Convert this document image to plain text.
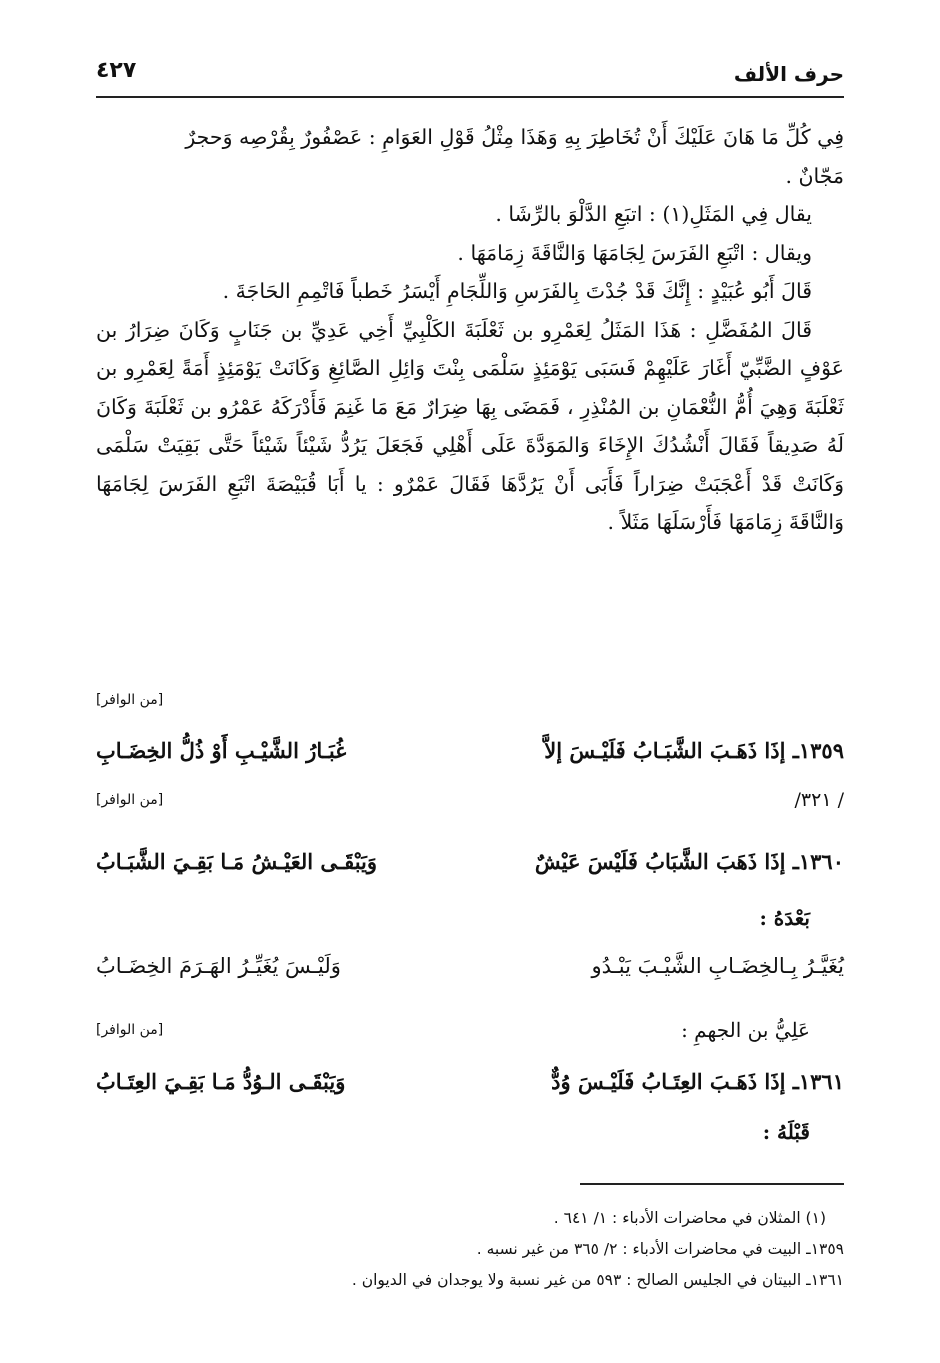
حرف الألف
٤٢٧

فِي كُلِّ مَا هَانَ عَلَيْكَ أَنْ تُخَاطِرَ بِهِ وَهَذَا مِثْلُ قَوْلِ العَوَامِ : عَصْفُورٌ بِقُرْصِه وَحجرٌ

مَجّانٌ .

يقال فِي المَثَلِ(١) : اتبَعِ الدَّلْوَ بالرِّشَا .

ويقال : اتْبَعِ الفَرَسَ لِجَامَهَا وَالنَّاقَةَ زِمَامَهَا .

قَالَ أَبُو عُبَيْدٍ : إِنَّكَ قَدْ جُدْتَ بِالفَرَسِ وَاللِّجَامِ أَيْسَرُ خَطباً فَاتْمِمِ الحَاجَةَ .

قَالَ المُفَضَّلِ : هَذَا المَثَلُ لِعَمْرِو بن ثَعْلَبَةَ الكَلْبِيِّ أَخِي عَدِيِّ بن جَنَابٍ وَكَانَ ضِرَارُ بن عَوْفٍ الضَّبِّيّ أَغَارَ عَلَيْهِمْ فَسَبَى يَوْمَئِذٍ سَلْمَى بِنْتَ وَائِلِ الصَّائِغِ وَكَانَتْ يَوْمَئِذٍ أَمَةً لِعَمْرِو بن ثَعْلَبَةَ وَهِيَ أُمُّ النُّعْمَانِ بن المُنْذِرِ ، فَمَضَى بِهَا ضِرَارٌ مَعَ مَا غَنِمَ فَأَدْرَكَهُ عَمْرُو بن ثَعْلَبَةَ وَكَانَ لَهُ صَدِيقاً فَقَالَ أَنْشُدُكَ الإِخَاءَ وَالمَوَدَّةَ عَلَى أَهْلِي فَجَعَلَ يَرُدُّ شَيْئاً شَيْئاً حَتَّى بَقِيَتْ سَلْمَى وَكَانَتْ قَدْ أَعْجَبَتْ ضِرَاراً فَأَبَى أَنْ يَرُدَّهَا فَقَالَ عَمْرٌو : يا أَبَا قُبَيْصَةَ اتْبَعِ الفَرَسَ لِجَامَهَا وَالنَّاقَةَ زِمَامَهَا فَأَرْسَلَهَا مَثَلاً .

[من الوافر]
١٣٥٩ـ إذَا ذَهَـبَ الشَّبَـابُ فَلَيْـسَ إلاَّ
غُبَـارُ الشَّيْـبِ أَوْ ذُلُّ الخِضَـابِ
/ ٣٢١/
[من الوافر]
١٣٦٠ـ إذَا ذَهَبَ الشَّبَابُ فَلَيْسَ عَيْشٌ
وَيَبْقَـى العَيْـشُ مَـا بَقِـيَ الشَّبَـابُ
بَعْدَهُ :
يُغَيَّـرُ بِـالخِضَـابِ الشَّيْـبَ يَبْـدُو
وَلَيْـسَ يُغَيِّـرُ الهَـرَمَ الخِضَـابُ
عَلِيُّ بن الجهمِ :
[من الوافر]
١٣٦١ـ إذَا ذَهَـبَ العِتَـابُ فَلَيْـسَ وُدٌّ
وَيَبْقَـى الـوُدُّ مَـا بَقِـيَ العِتَـابُ
قَبْلَهُ :
(١) المثلان في محاضرات الأدباء : ١/ ٦٤١ .
١٣٥٩ـ البيت في محاضرات الأدباء : ٢/ ٣٦٥ من غير نسبه .
١٣٦١ـ البيتان في الجليس الصالح : ٥٩٣ من غير نسبة ولا يوجدان في الديوان .
